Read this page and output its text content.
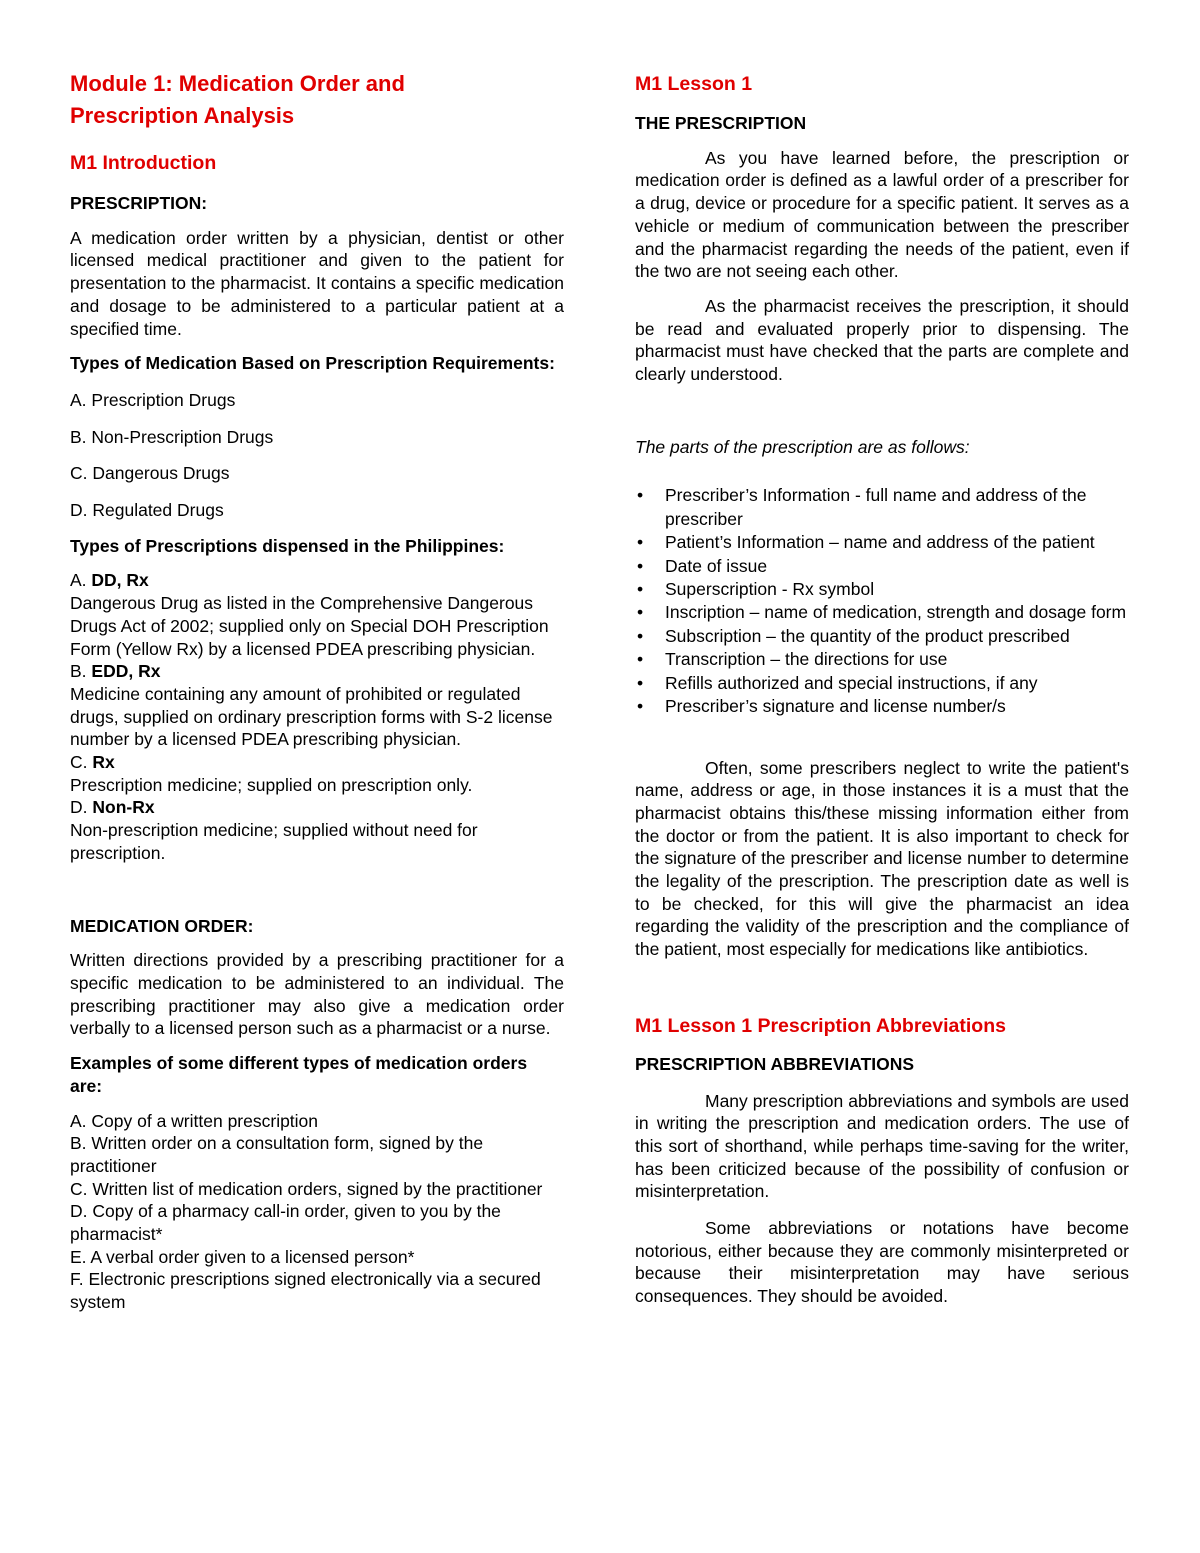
Module 1: Medication Order and

Prescription Analysis

M1 Introduction

PRESCRIPTION:

A medication order written by a physician, dentist or other licensed medical practitioner and given to the patient for presentation to the pharmacist. It contains a specific medication and dosage to be administered to a particular patient at a specified time.

Types of Medication Based on Prescription Requirements:

A. Prescription Drugs

B. Non-Prescription Drugs

C. Dangerous Drugs

D. Regulated Drugs

Types of Prescriptions dispensed in the Philippines:

A. DD, Rx

Dangerous Drug as listed in the Comprehensive Dangerous Drugs Act of 2002; supplied only on Special DOH Prescription Form (Yellow Rx) by a licensed PDEA prescribing physician.

B. EDD, Rx

Medicine containing any amount of prohibited or regulated drugs, supplied on ordinary prescription forms with S-2 license number by a licensed PDEA prescribing physician.

C. Rx

Prescription medicine; supplied on prescription only.

D. Non-Rx

Non-prescription medicine; supplied without need for prescription.

MEDICATION ORDER:

Written directions provided by a prescribing practitioner for a specific medication to be administered to an individual. The prescribing practitioner may also give a medication order verbally to a licensed person such as a pharmacist or a nurse.

Examples of some different types of medication orders are:

A. Copy of a written prescription

B. Written order on a consultation form, signed by the practitioner

C. Written list of medication orders, signed by the practitioner

D. Copy of a pharmacy call-in order, given to you by the pharmacist*

E. A verbal order given to a licensed person*

F. Electronic prescriptions signed electronically via a secured system

M1 Lesson 1

THE PRESCRIPTION

As you have learned before, the prescription or medication order is defined as a lawful order of a prescriber for a drug, device or procedure for a specific patient. It serves as a vehicle or medium of communication between the prescriber and the pharmacist regarding the needs of the patient, even if the two are not seeing each other.

As the pharmacist receives the prescription, it should be read and evaluated properly prior to dispensing. The pharmacist must have checked that the parts are complete and clearly understood.

The parts of the prescription are as follows:

• Prescriber’s Information - full name and address of the prescriber
• Patient’s Information – name and address of the patient
• Date of issue
• Superscription - Rx symbol
• Inscription – name of medication, strength and dosage form
• Subscription – the quantity of the product prescribed
• Transcription – the directions for use
• Refills authorized and special instructions, if any
• Prescriber’s signature and license number/s

Often, some prescribers neglect to write the patient's name, address or age, in those instances it is a must that the pharmacist obtains this/these missing information either from the doctor or from the patient. It is also important to check for the signature of the prescriber and license number to determine the legality of the prescription. The prescription date as well is to be checked, for this will give the pharmacist an idea regarding the validity of the prescription and the compliance of the patient, most especially for medications like antibiotics.

M1 Lesson 1 Prescription Abbreviations

PRESCRIPTION ABBREVIATIONS

Many prescription abbreviations and symbols are used in writing the prescription and medication orders. The use of this sort of shorthand, while perhaps time-saving for the writer, has been criticized because of the possibility of confusion or misinterpretation.

Some abbreviations or notations have become notorious, either because they are commonly misinterpreted or because their misinterpretation may have serious consequences. They should be avoided.
